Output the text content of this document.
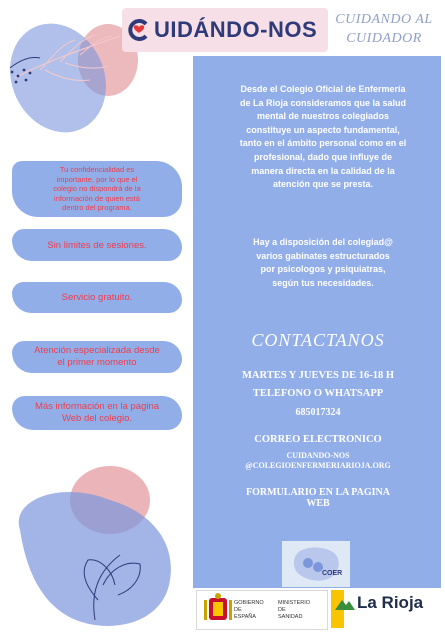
UIDÁNDO-NOS	CUIDANDO AL
CUIDADOR
Desde el Colegio Oficial de Enfermería
de La Rioja consideramos que la salud
mental de nuestros colegiados
constituye un aspecto fundamental,
tanto en el ámbito personal como en el
profesional, dado que influye de
manera directa en la calidad de la
atención que se presta.
Hay a disposición del colegiad@
varios gabinates estructurados
por psicologos y psiquiatras,
según tus necesidades.
CONTACTANOS
MARTES Y JUEVES DE 16-18 H
TELEFONO O WHATSAPP
685017324
CORREO ELECTRONICO
CUIDANDO-NOS
@COLEGIOENFERMERIARIOJA.ORG
FORMULARIO EN LA PAGINA
WEB
Tu confidencialidad es
importante, por lo que el
colegio no dispondrá de la
información de quien está
dentro del programa.
Sin limites de sesiones.
Servicio gratuito.
Atención especializada desde
el primer momento
Más información en la pagina
Web del colegio.
COER
GOBIERNO DE ESPAÑA
MINISTERIO DE SANIDAD
La Rioja
